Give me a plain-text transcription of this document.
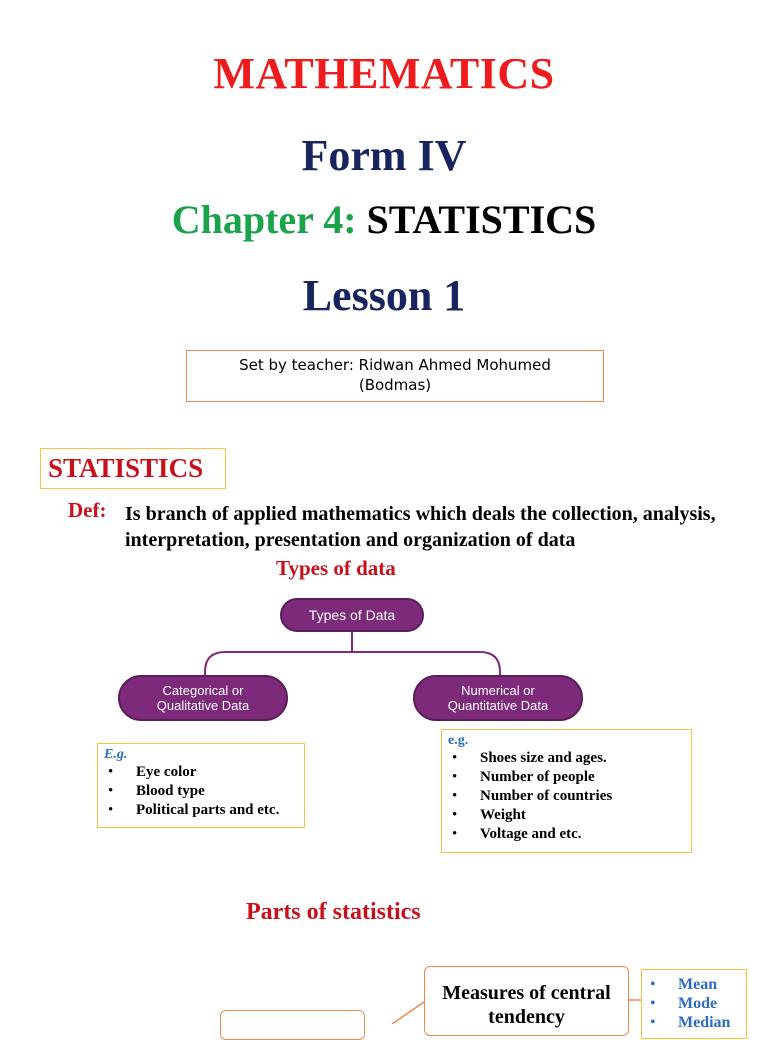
MATHEMATICS
Form IV
Chapter 4: STATISTICS
Lesson 1
Set by teacher: Ridwan Ahmed Mohumed
(Bodmas)
STATISTICS
Def: Is branch of applied mathematics which deals the collection, analysis, interpretation, presentation and organization of data
Types of data
Types of Data
Categorical or
Qualitative Data
Numerical or
Quantitative Data
E.g.
• Eye color
• Blood type
• Political parts and etc.
e.g.
• Shoes size and ages.
• Number of people
• Number of countries
• Weight
• Voltage and etc.
Parts of statistics
Measures of central
tendency
• Mean
• Mode
• Median
